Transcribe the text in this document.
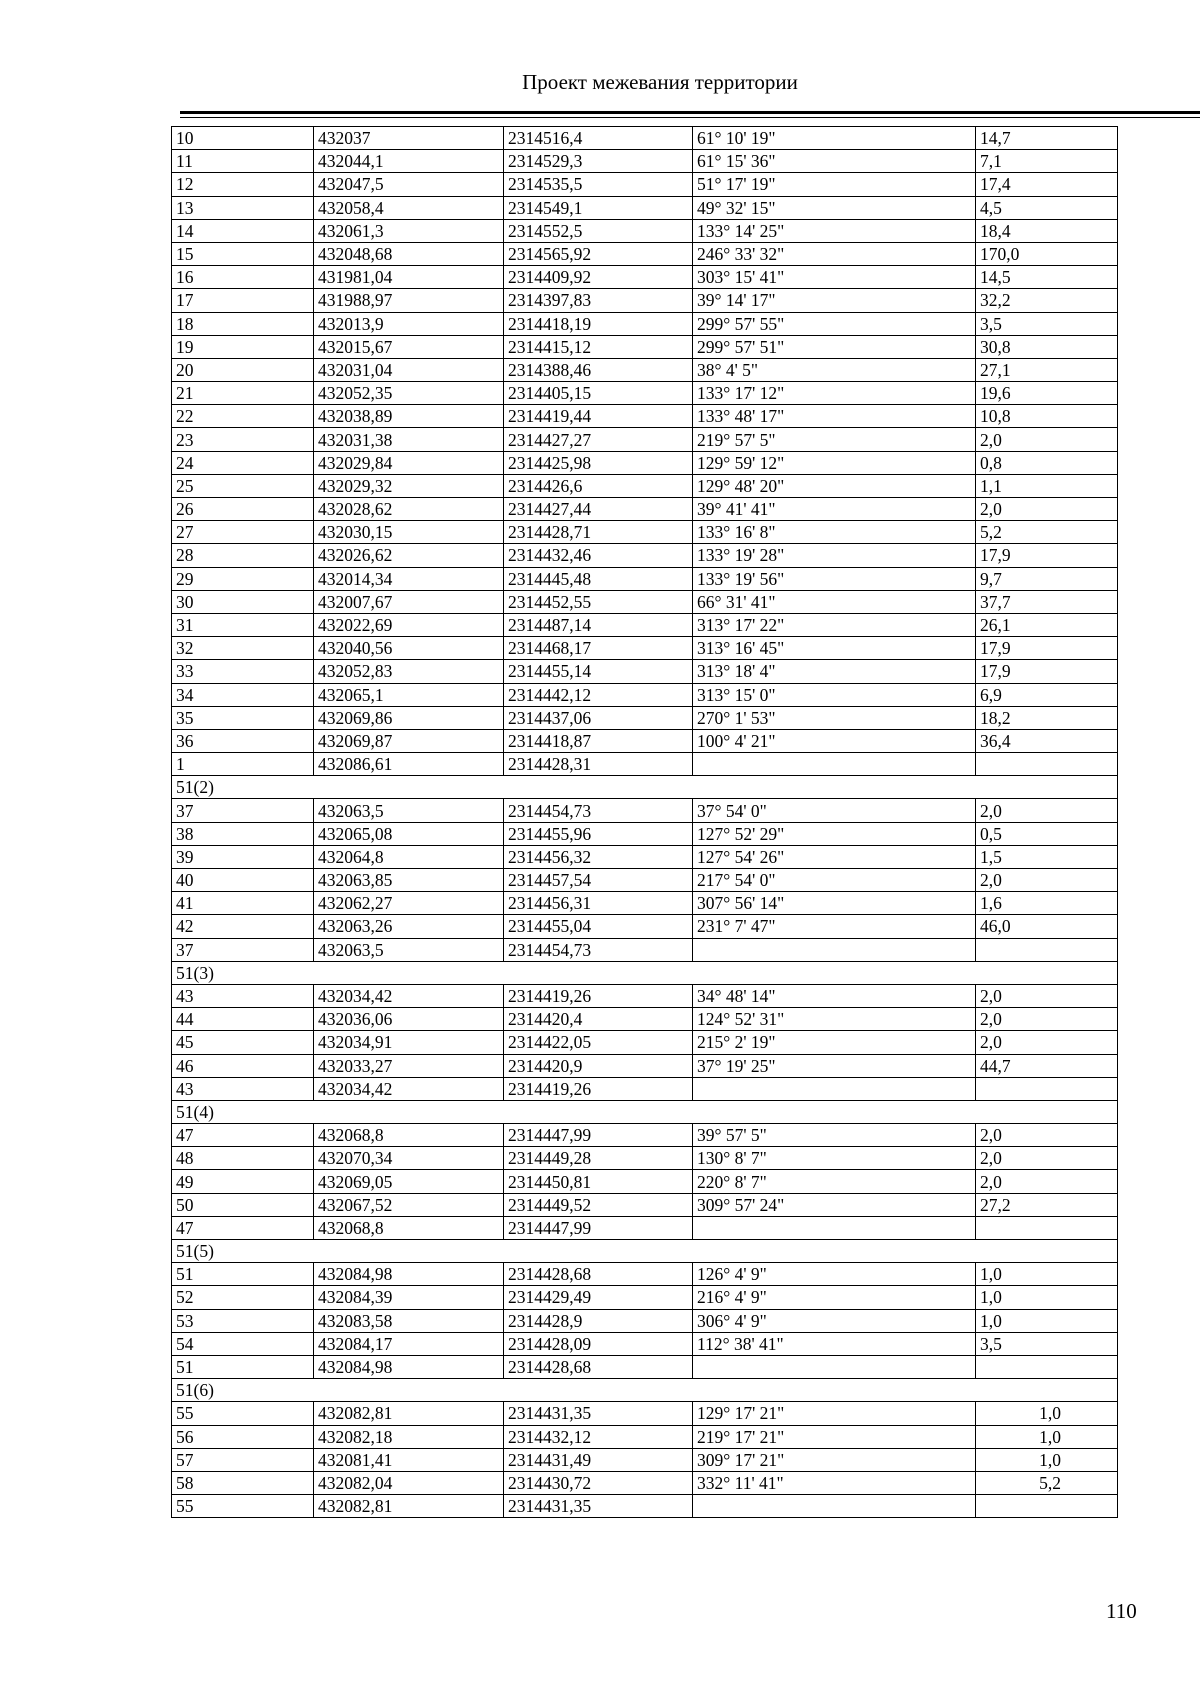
Проект межевания территории
10	432037	2314516,4	61° 10' 19"	14,7
11	432044,1	2314529,3	61° 15' 36"	7,1
12	432047,5	2314535,5	51° 17' 19"	17,4
13	432058,4	2314549,1	49° 32' 15"	4,5
14	432061,3	2314552,5	133° 14' 25"	18,4
15	432048,68	2314565,92	246° 33' 32"	170,0
16	431981,04	2314409,92	303° 15' 41"	14,5
17	431988,97	2314397,83	39° 14' 17"	32,2
18	432013,9	2314418,19	299° 57' 55"	3,5
19	432015,67	2314415,12	299° 57' 51"	30,8
20	432031,04	2314388,46	38° 4' 5"	27,1
21	432052,35	2314405,15	133° 17' 12"	19,6
22	432038,89	2314419,44	133° 48' 17"	10,8
23	432031,38	2314427,27	219° 57' 5"	2,0
24	432029,84	2314425,98	129° 59' 12"	0,8
25	432029,32	2314426,6	129° 48' 20"	1,1
26	432028,62	2314427,44	39° 41' 41"	2,0
27	432030,15	2314428,71	133° 16' 8"	5,2
28	432026,62	2314432,46	133° 19' 28"	17,9
29	432014,34	2314445,48	133° 19' 56"	9,7
30	432007,67	2314452,55	66° 31' 41"	37,7
31	432022,69	2314487,14	313° 17' 22"	26,1
32	432040,56	2314468,17	313° 16' 45"	17,9
33	432052,83	2314455,14	313° 18' 4"	17,9
34	432065,1	2314442,12	313° 15' 0"	6,9
35	432069,86	2314437,06	270° 1' 53"	18,2
36	432069,87	2314418,87	100° 4' 21"	36,4
1	432086,61	2314428,31		
51(2)				
37	432063,5	2314454,73	37° 54' 0"	2,0
38	432065,08	2314455,96	127° 52' 29"	0,5
39	432064,8	2314456,32	127° 54' 26"	1,5
40	432063,85	2314457,54	217° 54' 0"	2,0
41	432062,27	2314456,31	307° 56' 14"	1,6
42	432063,26	2314455,04	231° 7' 47"	46,0
37	432063,5	2314454,73		
51(3)				
43	432034,42	2314419,26	34° 48' 14"	2,0
44	432036,06	2314420,4	124° 52' 31"	2,0
45	432034,91	2314422,05	215° 2' 19"	2,0
46	432033,27	2314420,9	37° 19' 25"	44,7
43	432034,42	2314419,26		
51(4)				
47	432068,8	2314447,99	39° 57' 5"	2,0
48	432070,34	2314449,28	130° 8' 7"	2,0
49	432069,05	2314450,81	220° 8' 7"	2,0
50	432067,52	2314449,52	309° 57' 24"	27,2
47	432068,8	2314447,99		
51(5)				
51	432084,98	2314428,68	126° 4' 9"	1,0
52	432084,39	2314429,49	216° 4' 9"	1,0
53	432083,58	2314428,9	306° 4' 9"	1,0
54	432084,17	2314428,09	112° 38' 41"	3,5
51	432084,98	2314428,68		
51(6)				
55	432082,81	2314431,35	129° 17' 21"	1,0
56	432082,18	2314432,12	219° 17' 21"	1,0
57	432081,41	2314431,49	309° 17' 21"	1,0
58	432082,04	2314430,72	332° 11' 41"	5,2
55	432082,81	2314431,35		
110
